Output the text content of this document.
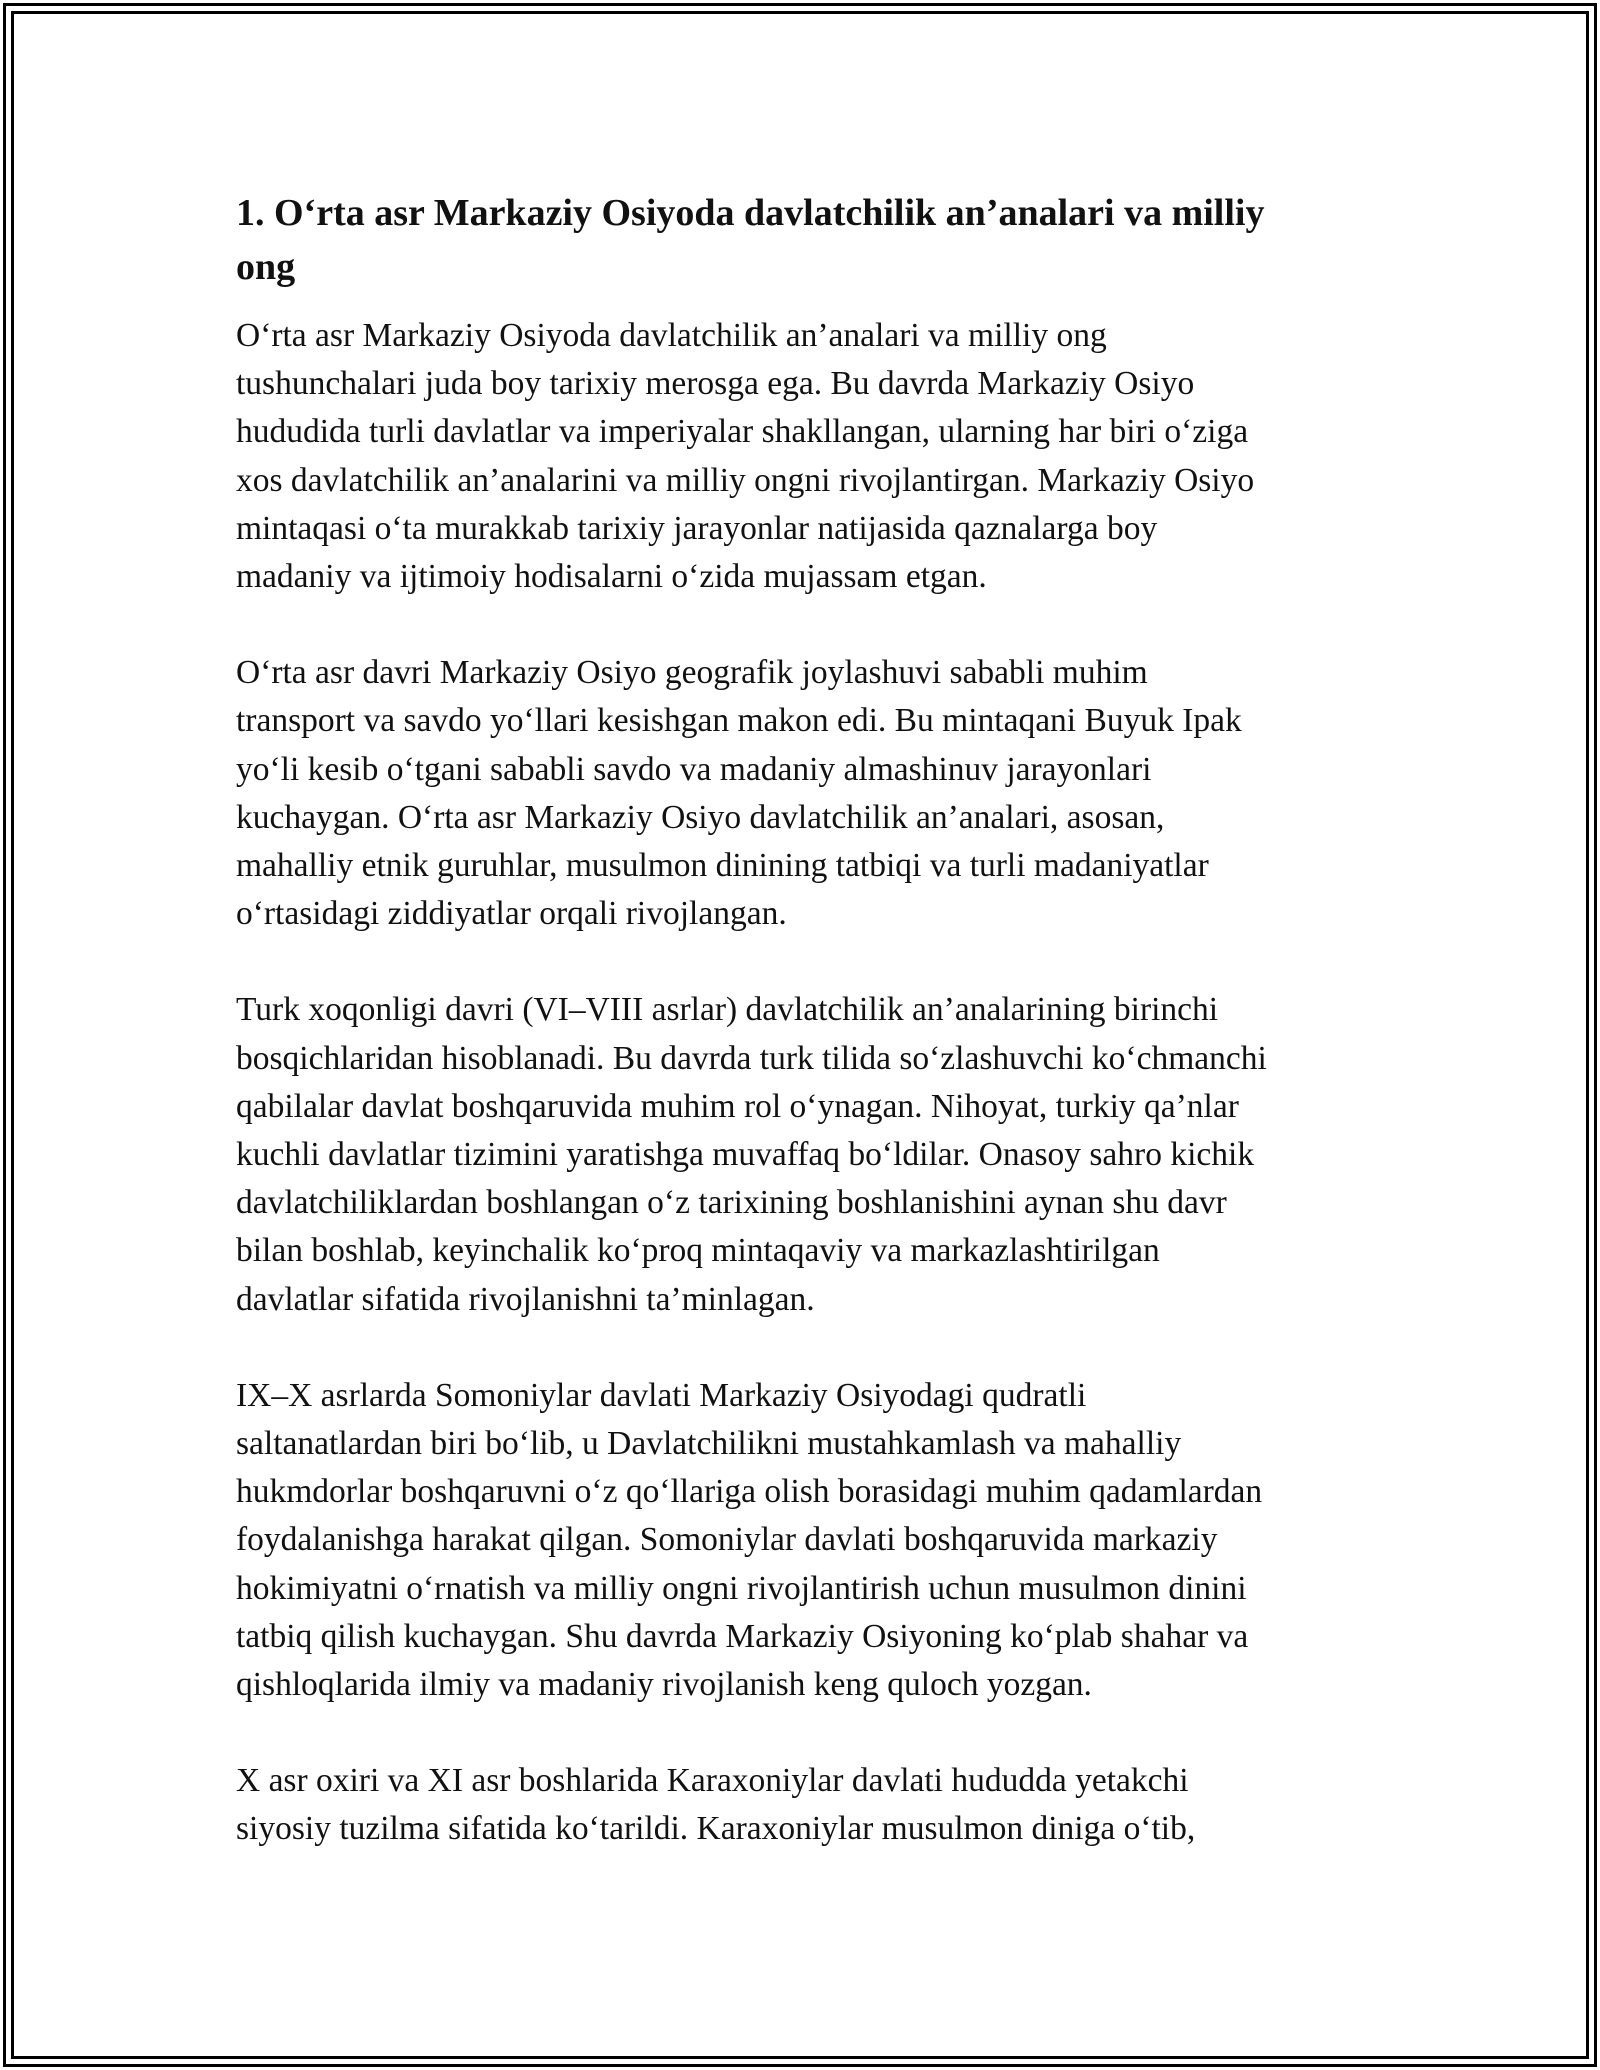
1. O‘rta asr Markaziy Osiyoda davlatchilik an’analari va milliy ong

O‘rta asr Markaziy Osiyoda davlatchilik an’analari va milliy ong
tushunchalari juda boy tarixiy merosga ega. Bu davrda Markaziy Osiyo
hududida turli davlatlar va imperiyalar shakllangan, ularning har biri o‘ziga
xos davlatchilik an’analarini va milliy ongni rivojlantirgan. Markaziy Osiyo
mintaqasi o‘ta murakkab tarixiy jarayonlar natijasida qaznalarga boy
madaniy va ijtimoiy hodisalarni o‘zida mujassam etgan.

O‘rta asr davri Markaziy Osiyo geografik joylashuvi sababli muhim
transport va savdo yo‘llari kesishgan makon edi. Bu mintaqani Buyuk Ipak
yo‘li kesib o‘tgani sababli savdo va madaniy almashinuv jarayonlari
kuchaygan. O‘rta asr Markaziy Osiyo davlatchilik an’analari, asosan,
mahalliy etnik guruhlar, musulmon dinining tatbiqi va turli madaniyatlar
o‘rtasidagi ziddiyatlar orqali rivojlangan.

Turk xoqonligi davri (VI–VIII asrlar) davlatchilik an’analarining birinchi
bosqichlaridan hisoblanadi. Bu davrda turk tilida so‘zlashuvchi ko‘chmanchi
qabilalar davlat boshqaruvida muhim rol o‘ynagan. Nihoyat, turkiy qa’nlar
kuchli davlatlar tizimini yaratishga muvaffaq bo‘ldilar. Onasoy sahro kichik
davlatchiliklardan boshlangan o‘z tarixining boshlanishini aynan shu davr
bilan boshlab, keyinchalik ko‘proq mintaqaviy va markazlashtirilgan
davlatlar sifatida rivojlanishni ta’minlagan.

IX–X asrlarda Somoniylar davlati Markaziy Osiyodagi qudratli
saltanatlardan biri bo‘lib, u Davlatchilikni mustahkamlash va mahalliy
hukmdorlar boshqaruvni o‘z qo‘llariga olish borasidagi muhim qadamlardan
foydalanishga harakat qilgan. Somoniylar davlati boshqaruvida markaziy
hokimiyatni o‘rnatish va milliy ongni rivojlantirish uchun musulmon dinini
tatbiq qilish kuchaygan. Shu davrda Markaziy Osiyoning ko‘plab shahar va
qishloqlarida ilmiy va madaniy rivojlanish keng quloch yozgan.

X asr oxiri va XI asr boshlarida Karaxoniylar davlati hududda yetakchi
siyosiy tuzilma sifatida ko‘tarildi. Karaxoniylar musulmon diniga o‘tib,
